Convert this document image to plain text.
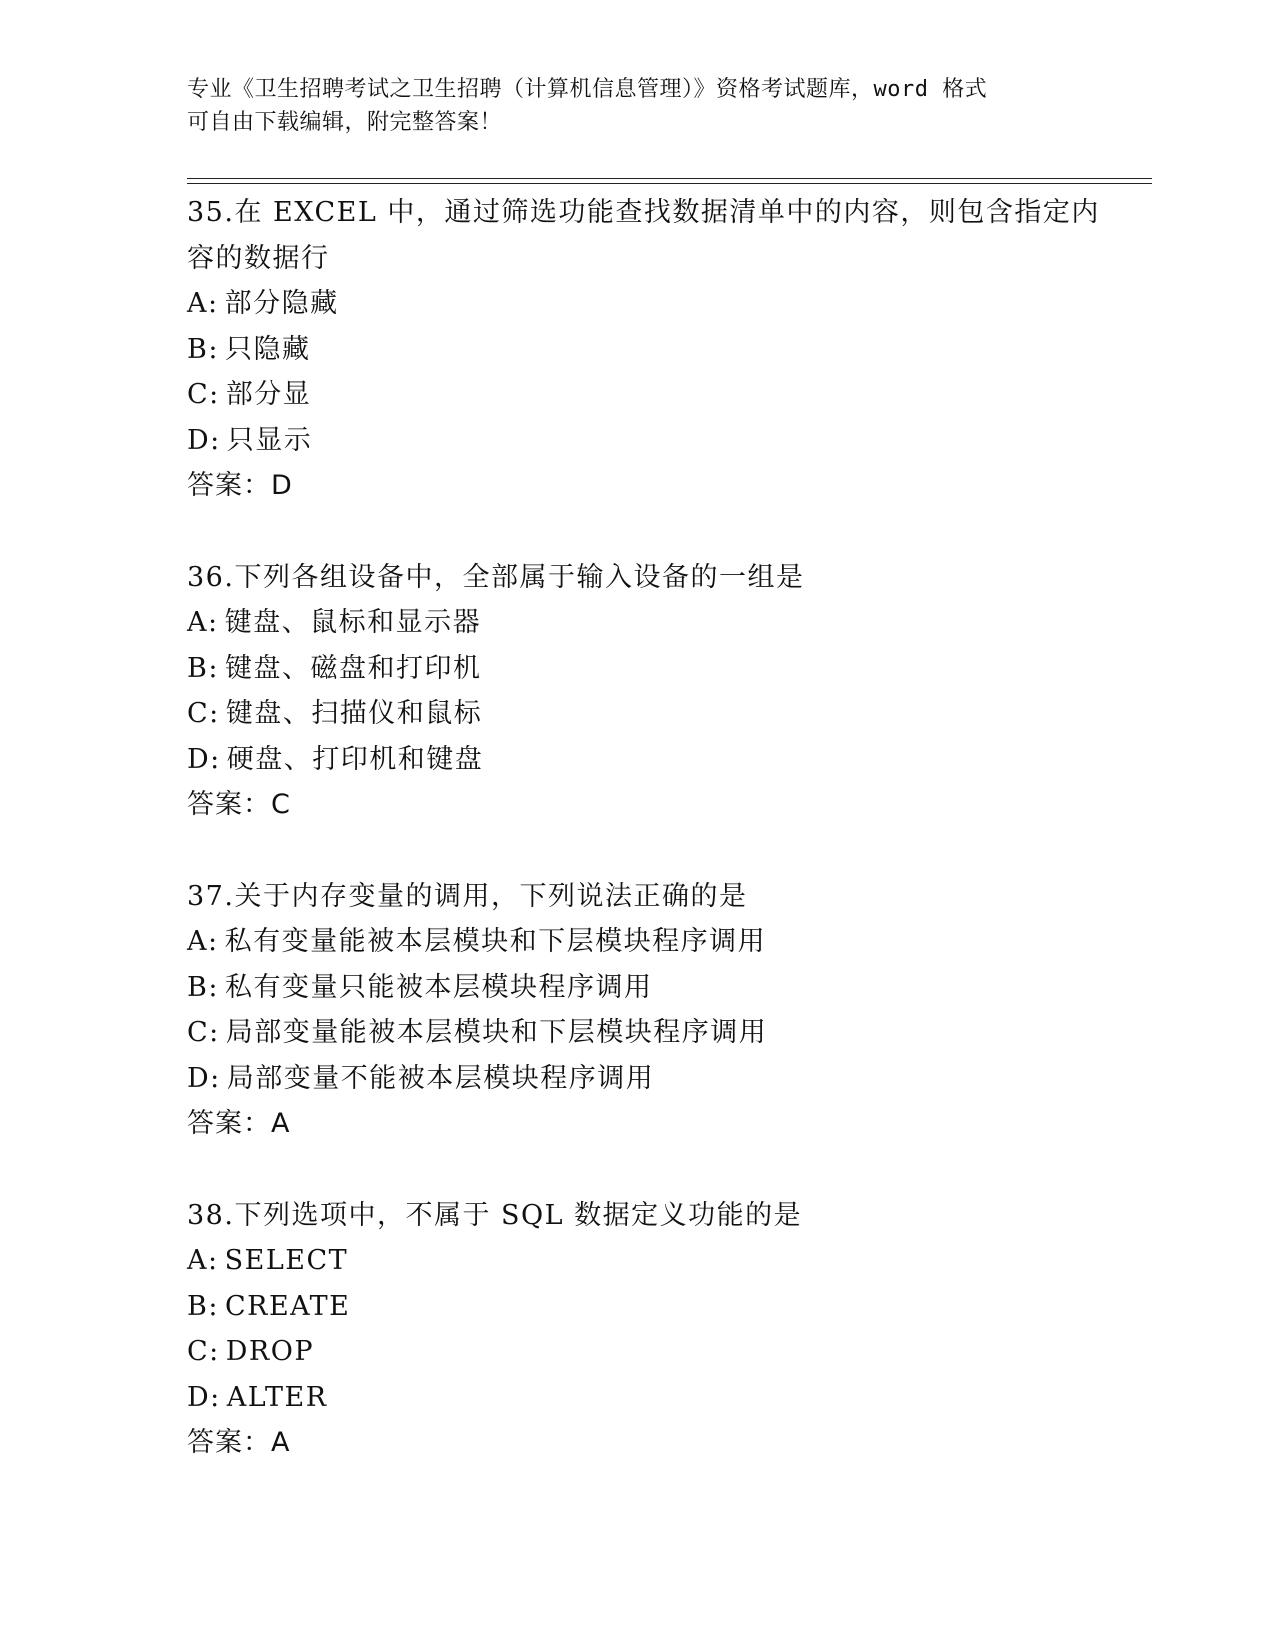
专业《卫生招聘考试之卫生招聘（计算机信息管理）》资格考试题库，word 格式
可自由下载编辑，附完整答案！
35.在 EXCEL 中，通过筛选功能查找数据清单中的内容，则包含指定内
容的数据行
A: 部分隐藏
B: 只隐藏
C: 部分显
D: 只显示
答案：D
36.下列各组设备中，全部属于输入设备的一组是
A: 键盘、鼠标和显示器
B: 键盘、磁盘和打印机
C: 键盘、扫描仪和鼠标
D: 硬盘、打印机和键盘
答案：C
37.关于内存变量的调用，下列说法正确的是
A: 私有变量能被本层模块和下层模块程序调用
B: 私有变量只能被本层模块程序调用
C: 局部变量能被本层模块和下层模块程序调用
D: 局部变量不能被本层模块程序调用
答案：A
38.下列选项中，不属于 SQL 数据定义功能的是
A: SELECT
B: CREATE
C: DROP
D: ALTER
答案：A
